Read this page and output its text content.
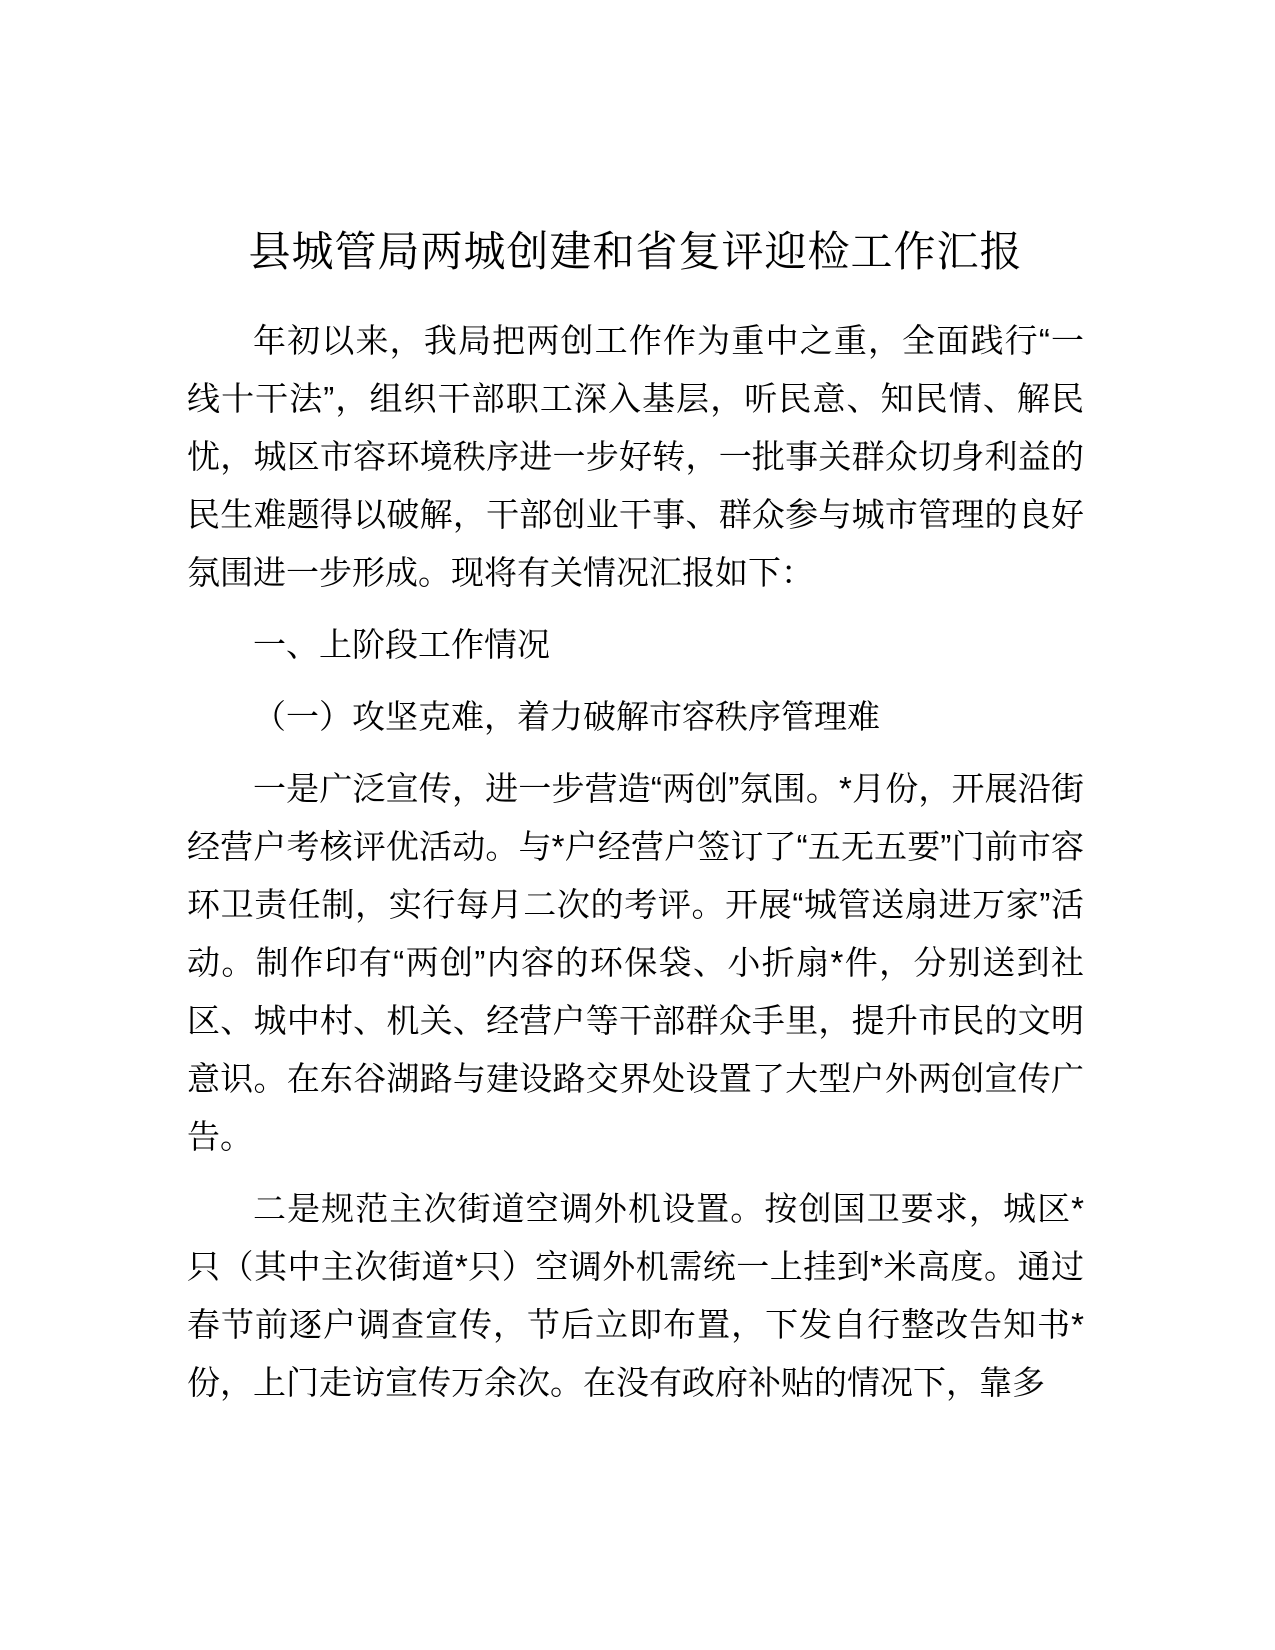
县城管局两城创建和省复评迎检工作汇报

年初以来，我局把两创工作作为重中之重，全面践行“一线十干法”，组织干部职工深入基层，听民意、知民情、解民忧，城区市容环境秩序进一步好转，一批事关群众切身利益的民生难题得以破解，干部创业干事、群众参与城市管理的良好氛围进一步形成。现将有关情况汇报如下：

一、上阶段工作情况

（一）攻坚克难，着力破解市容秩序管理难

一是广泛宣传，进一步营造“两创”氛围。*月份，开展沿街经营户考核评优活动。与*户经营户签订了“五无五要”门前市容环卫责任制，实行每月二次的考评。开展“城管送扇进万家”活动。制作印有“两创”内容的环保袋、小折扇*件，分别送到社区、城中村、机关、经营户等干部群众手里，提升市民的文明意识。在东谷湖路与建设路交界处设置了大型户外两创宣传广告。

二是规范主次街道空调外机设置。按创国卫要求，城区*只（其中主次街道*只）空调外机需统一上挂到*米高度。通过春节前逐户调查宣传，节后立即布置，下发自行整改告知书*份，上门走访宣传万余次。在没有政府补贴的情况下，靠多
